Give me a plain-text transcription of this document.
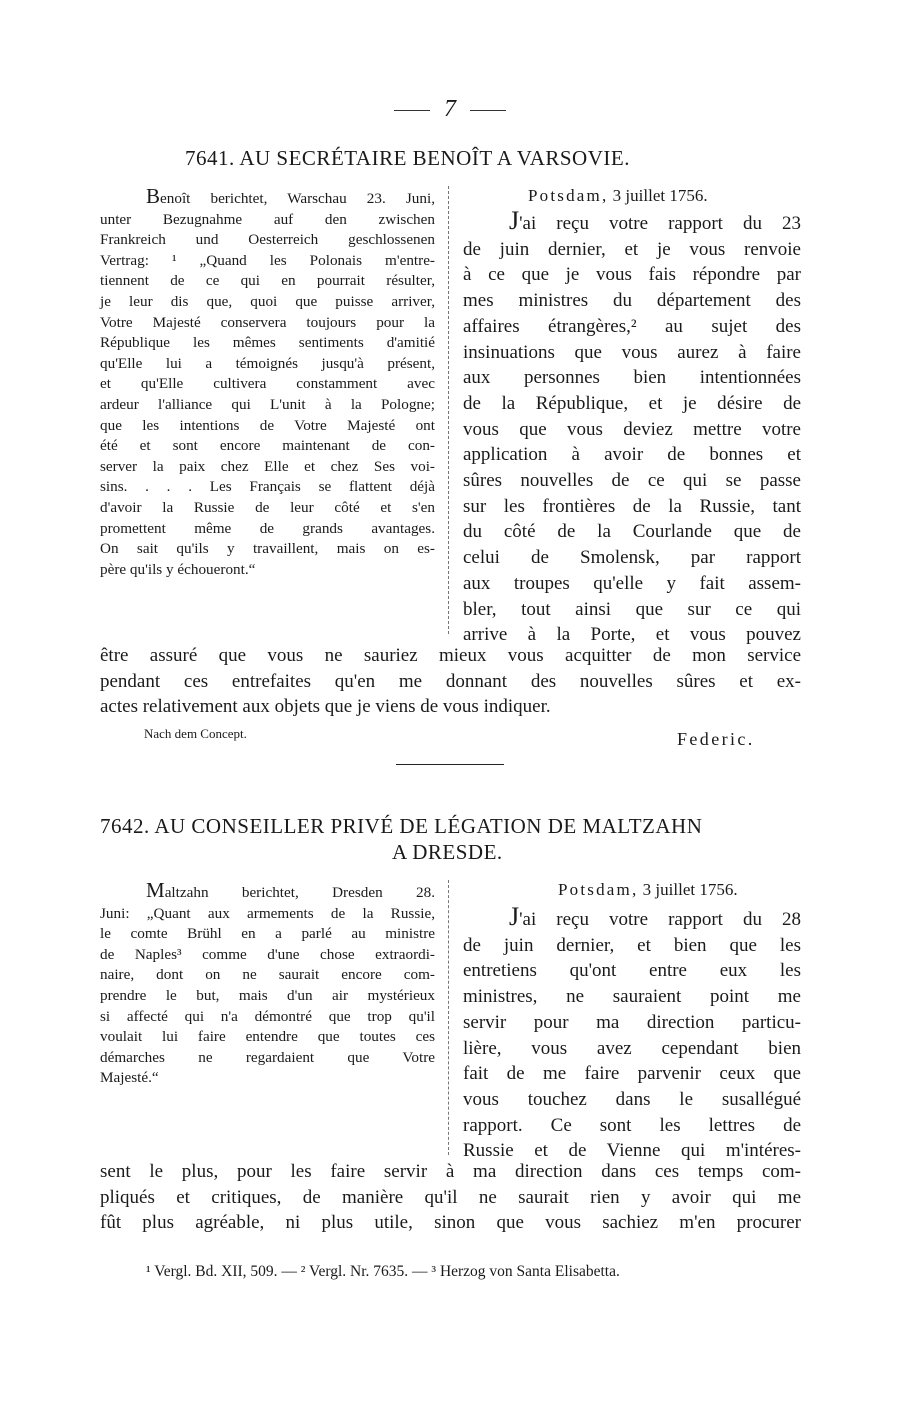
7
7641. AU SECRÉTAIRE BENOÎT A VARSOVIE.
Benoît berichtet, Warschau 23. Juni,
unter Bezugnahme auf den zwischen
Frankreich und Oesterreich geschlossenen
Vertrag: ¹ „Quand les Polonais m'entre-
tiennent de ce qui en pourrait résulter,
je leur dis que, quoi que puisse arriver,
Votre Majesté conservera toujours pour la
République les mêmes sentiments d'amitié
qu'Elle lui a témoignés jusqu'à présent,
et qu'Elle cultivera constamment avec
ardeur l'alliance qui L'unit à la Pologne;
que les intentions de Votre Majesté ont
été et sont encore maintenant de con-
server la paix chez Elle et chez Ses voi-
sins. . . . Les Français se flattent déjà
d'avoir la Russie de leur côté et s'en
promettent même de grands avantages.
On sait qu'ils y travaillent, mais on es-
père qu'ils y échoueront.“
Potsdam, 3 juillet 1756.
J'ai reçu votre rapport du 23
de juin dernier, et je vous renvoie
à ce que je vous fais répondre par
mes ministres du département des
affaires étrangères,² au sujet des
insinuations que vous aurez à faire
aux personnes bien intentionnées
de la République, et je désire de
vous que vous deviez mettre votre
application à avoir de bonnes et
sûres nouvelles de ce qui se passe
sur les frontières de la Russie, tant
du côté de la Courlande que de
celui de Smolensk, par rapport
aux troupes qu'elle y fait assem-
bler, tout ainsi que sur ce qui
arrive à la Porte, et vous pouvez
être assuré que vous ne sauriez mieux vous acquitter de mon service
pendant ces entrefaites qu'en me donnant des nouvelles sûres et ex-
actes relativement aux objets que je viens de vous indiquer.
Nach dem Concept.	Federic.
7642. AU CONSEILLER PRIVÉ DE LÉGATION DE MALTZAHN
A DRESDE.
Maltzahn berichtet, Dresden 28.
Juni: „Quant aux armements de la Russie,
le comte Brühl en a parlé au ministre
de Naples³ comme d'une chose extraordi-
naire, dont on ne saurait encore com-
prendre le but, mais d'un air mystérieux
si affecté qui n'a démontré que trop qu'il
voulait lui faire entendre que toutes ces
démarches ne regardaient que Votre
Majesté.“
Potsdam, 3 juillet 1756.
J'ai reçu votre rapport du 28
de juin dernier, et bien que les
entretiens qu'ont entre eux les
ministres, ne sauraient point me
servir pour ma direction particu-
lière, vous avez cependant bien
fait de me faire parvenir ceux que
vous touchez dans le susallégué
rapport. Ce sont les lettres de
Russie et de Vienne qui m'intéres-
sent le plus, pour les faire servir à ma direction dans ces temps com-
pliqués et critiques, de manière qu'il ne saurait rien y avoir qui me
fût plus agréable, ni plus utile, sinon que vous sachiez m'en procurer
¹ Vergl. Bd. XII, 509. — ² Vergl. Nr. 7635. — ³ Herzog von Santa Elisabetta.
